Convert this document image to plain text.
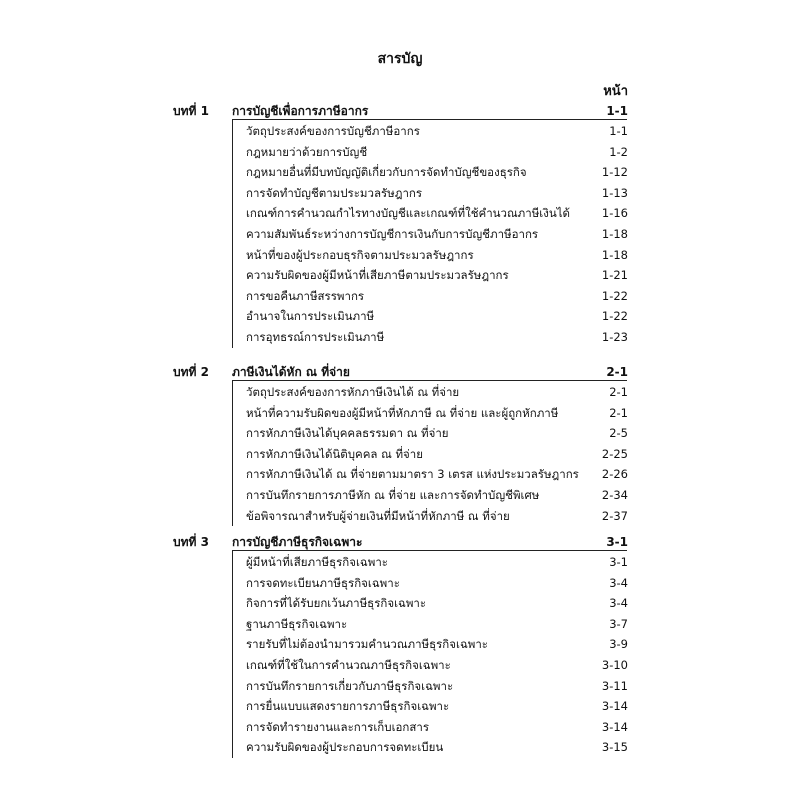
สารบัญ
หน้า
บทที่ 1	การบัญชีเพื่อการภาษีอากร	1-1
วัตถุประสงค์ของการบัญชีภาษีอากร	1-1
กฎหมายว่าด้วยการบัญชี	1-2
กฎหมายอื่นที่มีบทบัญญัติเกี่ยวกับการจัดทำบัญชีของธุรกิจ	1-12
การจัดทำบัญชีตามประมวลรัษฎากร	1-13
เกณฑ์การคำนวณกำไรทางบัญชีและเกณฑ์ที่ใช้คำนวณภาษีเงินได้	1-16
ความสัมพันธ์ระหว่างการบัญชีการเงินกับการบัญชีภาษีอากร	1-18
หน้าที่ของผู้ประกอบธุรกิจตามประมวลรัษฎากร	1-18
ความรับผิดของผู้มีหน้าที่เสียภาษีตามประมวลรัษฎากร	1-21
การขอคืนภาษีสรรพากร	1-22
อำนาจในการประเมินภาษี	1-22
การอุทธรณ์การประเมินภาษี	1-23
บทที่ 2	ภาษีเงินได้หัก ณ ที่จ่าย	2-1
วัตถุประสงค์ของการหักภาษีเงินได้ ณ ที่จ่าย	2-1
หน้าที่ความรับผิดของผู้มีหน้าที่หักภาษี ณ ที่จ่าย และผู้ถูกหักภาษี	2-1
การหักภาษีเงินได้บุคคลธรรมดา ณ ที่จ่าย	2-5
การหักภาษีเงินได้นิติบุคคล ณ ที่จ่าย	2-25
การหักภาษีเงินได้ ณ ที่จ่ายตามมาตรา 3 เตรส แห่งประมวลรัษฎากร 2-26
การบันทึกรายการภาษีหัก ณ ที่จ่าย และการจัดทำบัญชีพิเศษ	2-34
ข้อพิจารณาสำหรับผู้จ่ายเงินที่มีหน้าที่หักภาษี ณ ที่จ่าย	2-37
บทที่ 3	การบัญชีภาษีธุรกิจเฉพาะ	3-1
ผู้มีหน้าที่เสียภาษีธุรกิจเฉพาะ	3-1
การจดทะเบียนภาษีธุรกิจเฉพาะ	3-4
กิจการที่ได้รับยกเว้นภาษีธุรกิจเฉพาะ	3-4
ฐานภาษีธุรกิจเฉพาะ	3-7
รายรับที่ไม่ต้องนำมารวมคำนวณภาษีธุรกิจเฉพาะ	3-9
เกณฑ์ที่ใช้ในการคำนวณภาษีธุรกิจเฉพาะ	3-10
การบันทึกรายการเกี่ยวกับภาษีธุรกิจเฉพาะ	3-11
การยื่นแบบแสดงรายการภาษีธุรกิจเฉพาะ	3-14
การจัดทำรายงานและการเก็บเอกสาร	3-14
ความรับผิดของผู้ประกอบการจดทะเบียน	3-15
